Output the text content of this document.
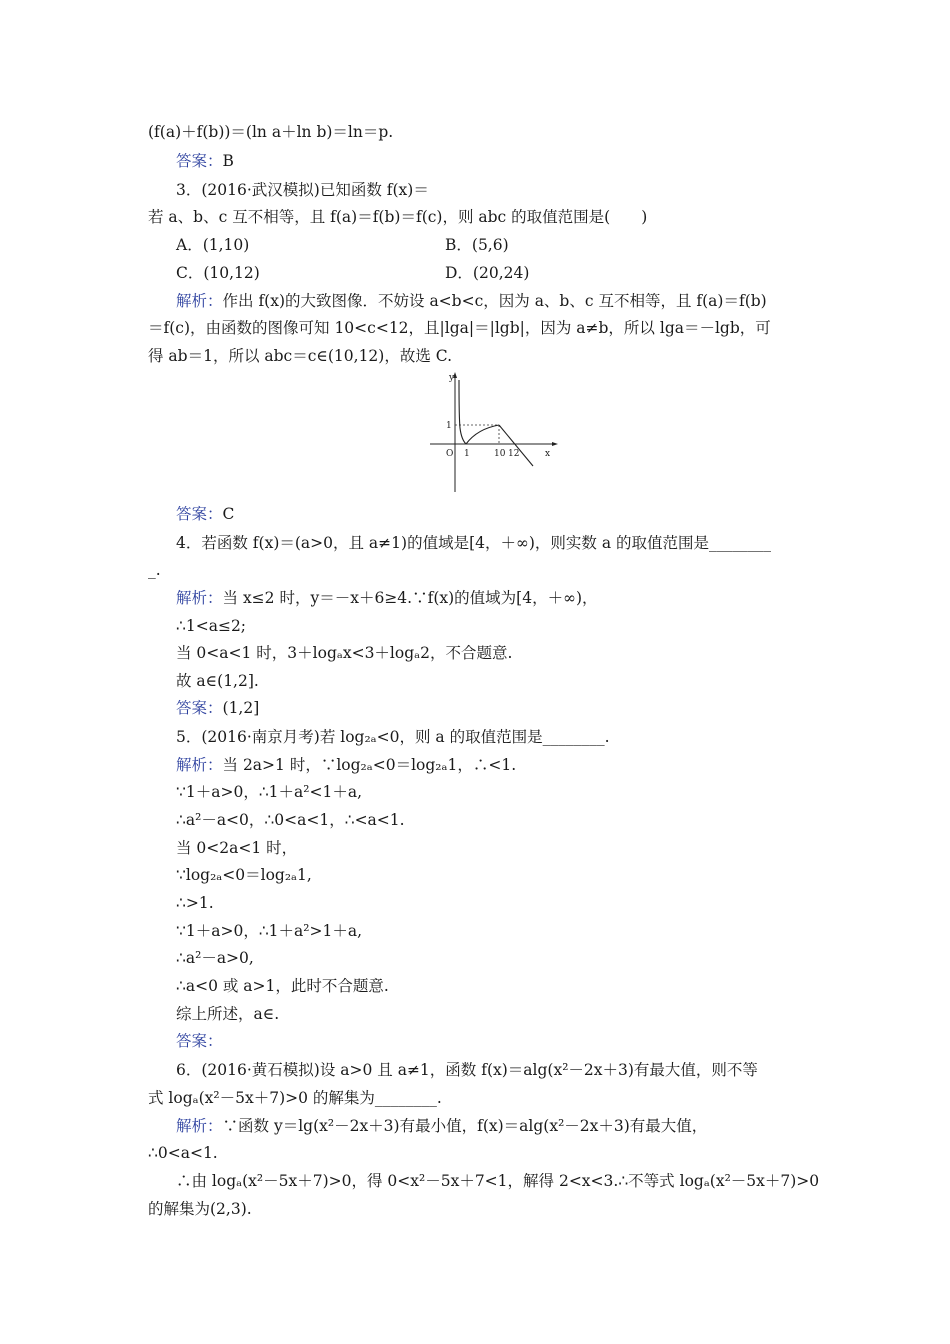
(f(a)＋f(b))＝(ln a＋ln b)＝ln＝p.
答案：B
3．(2016·武汉模拟)已知函数 f(x)＝
若 a、b、c 互不相等，且 f(a)＝f(b)＝f(c)，则 abc 的取值范围是(　　)
A．(1,10)	B．(5,6)
C．(10,12)	D．(20,24)
解析：作出 f(x)的大致图像．不妨设 a<b<c，因为 a、b、c 互不相等，且 f(a)＝f(b)
＝f(c)，由函数的图像可知 10<c<12，且|lga|＝|lgb|，因为 a≠b，所以 lga＝－lgb，可
得 ab＝1，所以 abc＝c∈(10,12)，故选 C.
y
x
O
1
1	10 12
答案：C
4．若函数 f(x)＝(a>0，且 a≠1)的值域是[4，＋∞)，则实数 a 的取值范围是________
_.
解析：当 x≤2 时，y＝－x＋6≥4.∵f(x)的值域为[4，＋∞)，
∴1<a≤2;
当 0<a<1 时，3＋logₐx<3＋logₐ2，不合题意.
故 a∈(1,2].
答案：(1,2]
5．(2016·南京月考)若 log₂ₐ<0，则 a 的取值范围是________.
解析：当 2a>1 时，∵log₂ₐ<0＝log₂ₐ1，∴<1.
∵1＋a>0，∴1＋a²<1＋a,
∴a²－a<0，∴0<a<1，∴<a<1.
当 0<2a<1 时，
∵log₂ₐ<0＝log₂ₐ1,
∴>1.
∵1＋a>0，∴1＋a²>1＋a,
∴a²－a>0,
∴a<0 或 a>1，此时不合题意.
综上所述，a∈.
答案：
6．(2016·黄石模拟)设 a>0 且 a≠1，函数 f(x)＝alg(x²－2x＋3)有最大值，则不等
式 logₐ(x²－5x＋7)>0 的解集为________.
解析：∵函数 y＝lg(x²－2x＋3)有最小值，f(x)＝alg(x²－2x＋3)有最大值，
∴0<a<1.
∴由 logₐ(x²－5x＋7)>0，得 0<x²－5x＋7<1，解得 2<x<3.∴不等式 logₐ(x²－5x＋7)>0
的解集为(2,3).
